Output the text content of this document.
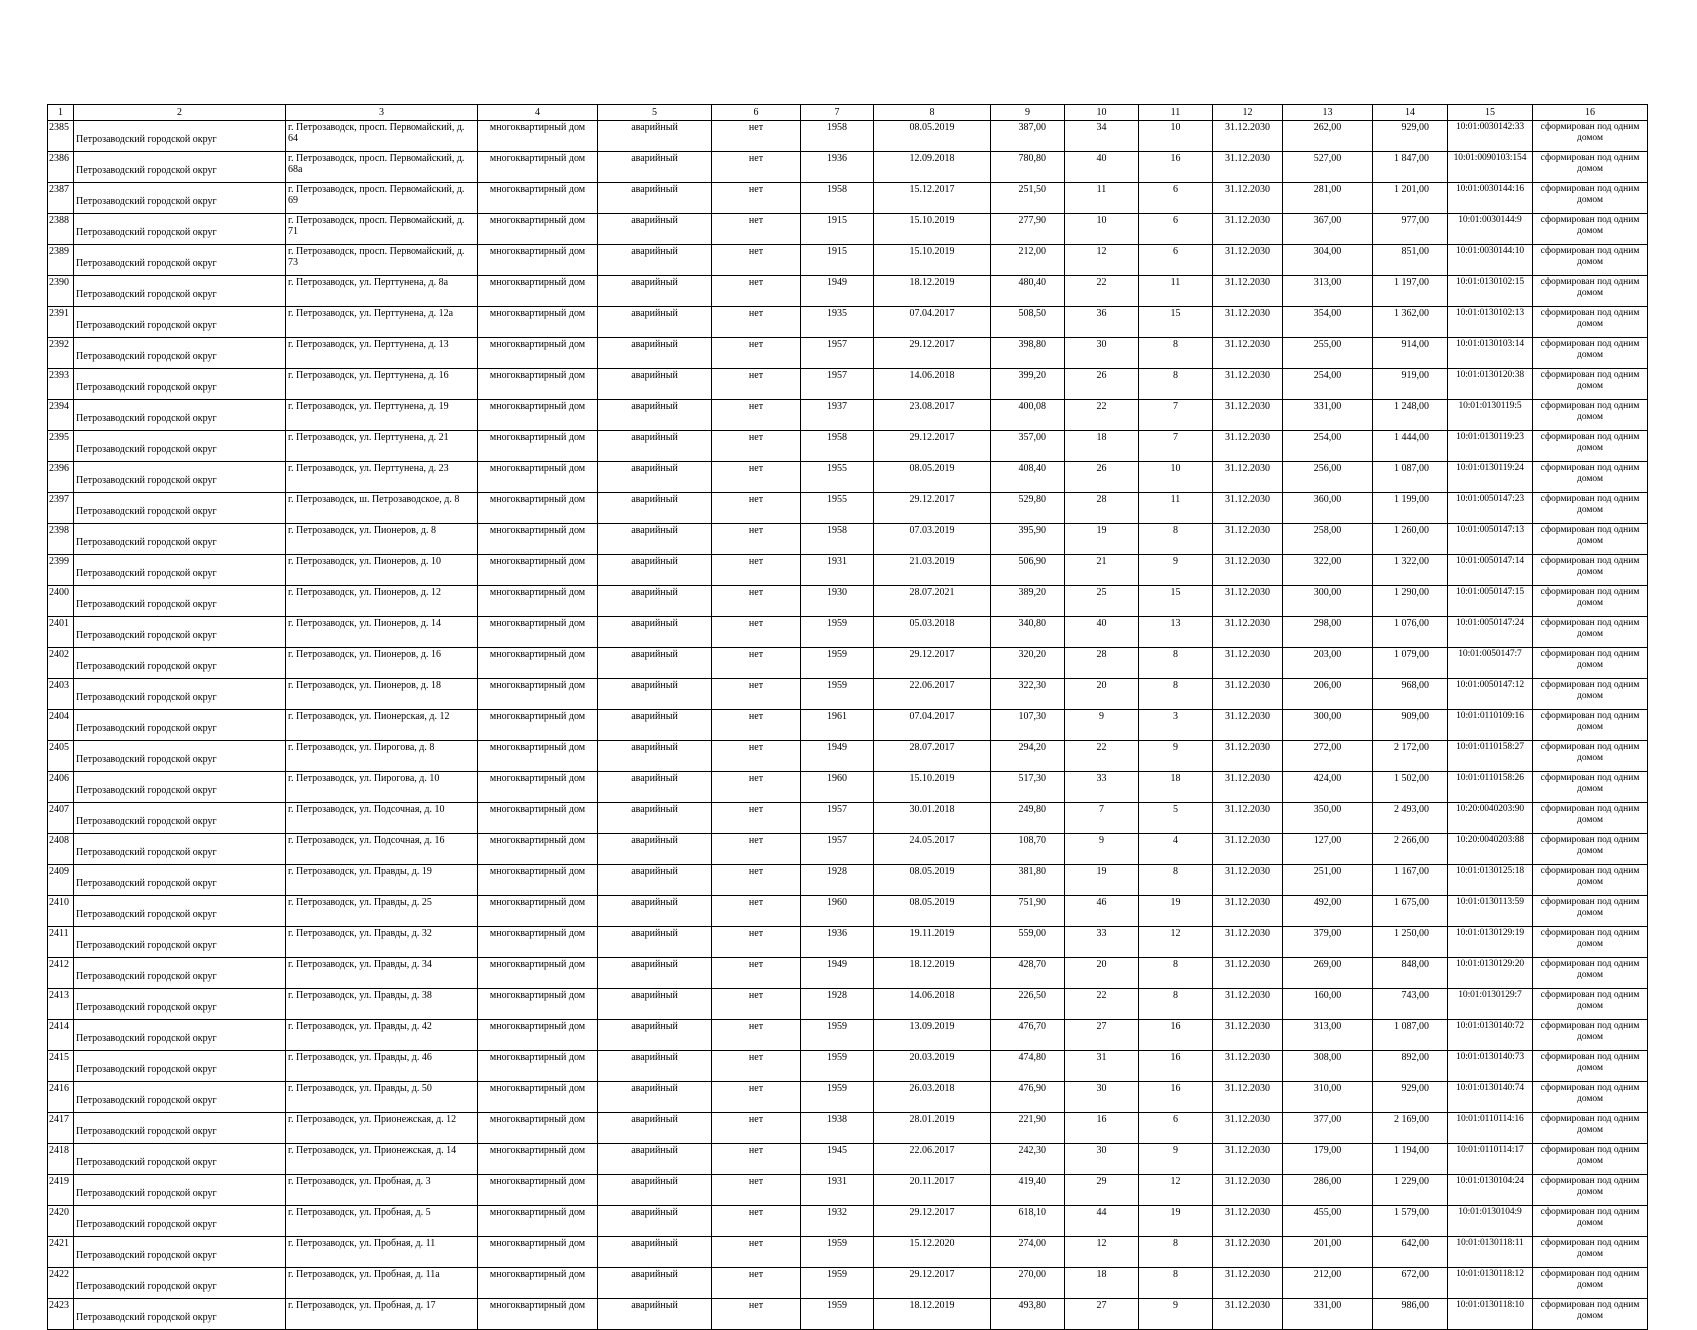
1	2	3	4	5	6	7	8	9	10	11	12	13	14	15	16
2385	Петрозаводский городской округ	г. Петрозаводск, просп. Первомайский, д. 64	многоквартирный дом	аварийный	нет	1958	08.05.2019	387,00	34	10	31.12.2030	262,00	929,00	10:01:0030142:33	сформирован под одним домом
2386	Петрозаводский городской округ	г. Петрозаводск, просп. Первомайский, д. 68а	многоквартирный дом	аварийный	нет	1936	12.09.2018	780,80	40	16	31.12.2030	527,00	1 847,00	10:01:0090103:154	сформирован под одним домом
2387	Петрозаводский городской округ	г. Петрозаводск, просп. Первомайский, д. 69	многоквартирный дом	аварийный	нет	1958	15.12.2017	251,50	11	6	31.12.2030	281,00	1 201,00	10:01:0030144:16	сформирован под одним домом
2388	Петрозаводский городской округ	г. Петрозаводск, просп. Первомайский, д. 71	многоквартирный дом	аварийный	нет	1915	15.10.2019	277,90	10	6	31.12.2030	367,00	977,00	10:01:0030144:9	сформирован под одним домом
2389	Петрозаводский городской округ	г. Петрозаводск, просп. Первомайский, д. 73	многоквартирный дом	аварийный	нет	1915	15.10.2019	212,00	12	6	31.12.2030	304,00	851,00	10:01:0030144:10	сформирован под одним домом
2390	Петрозаводский городской округ	г. Петрозаводск, ул. Перттунена, д. 8а	многоквартирный дом	аварийный	нет	1949	18.12.2019	480,40	22	11	31.12.2030	313,00	1 197,00	10:01:0130102:15	сформирован под одним домом
2391	Петрозаводский городской округ	г. Петрозаводск, ул. Перттунена, д. 12а	многоквартирный дом	аварийный	нет	1935	07.04.2017	508,50	36	15	31.12.2030	354,00	1 362,00	10:01:0130102:13	сформирован под одним домом
2392	Петрозаводский городской округ	г. Петрозаводск, ул. Перттунена, д. 13	многоквартирный дом	аварийный	нет	1957	29.12.2017	398,80	30	8	31.12.2030	255,00	914,00	10:01:0130103:14	сформирован под одним домом
2393	Петрозаводский городской округ	г. Петрозаводск, ул. Перттунена, д. 16	многоквартирный дом	аварийный	нет	1957	14.06.2018	399,20	26	8	31.12.2030	254,00	919,00	10:01:0130120:38	сформирован под одним домом
2394	Петрозаводский городской округ	г. Петрозаводск, ул. Перттунена, д. 19	многоквартирный дом	аварийный	нет	1937	23.08.2017	400,08	22	7	31.12.2030	331,00	1 248,00	10:01:0130119:5	сформирован под одним домом
2395	Петрозаводский городской округ	г. Петрозаводск, ул. Перттунена, д. 21	многоквартирный дом	аварийный	нет	1958	29.12.2017	357,00	18	7	31.12.2030	254,00	1 444,00	10:01:0130119:23	сформирован под одним домом
2396	Петрозаводский городской округ	г. Петрозаводск, ул. Перттунена, д. 23	многоквартирный дом	аварийный	нет	1955	08.05.2019	408,40	26	10	31.12.2030	256,00	1 087,00	10:01:0130119:24	сформирован под одним домом
2397	Петрозаводский городской округ	г. Петрозаводск, ш. Петрозаводское, д. 8	многоквартирный дом	аварийный	нет	1955	29.12.2017	529,80	28	11	31.12.2030	360,00	1 199,00	10:01:0050147:23	сформирован под одним домом
2398	Петрозаводский городской округ	г. Петрозаводск, ул. Пионеров, д. 8	многоквартирный дом	аварийный	нет	1958	07.03.2019	395,90	19	8	31.12.2030	258,00	1 260,00	10:01:0050147:13	сформирован под одним домом
2399	Петрозаводский городской округ	г. Петрозаводск, ул. Пионеров, д. 10	многоквартирный дом	аварийный	нет	1931	21.03.2019	506,90	21	9	31.12.2030	322,00	1 322,00	10:01:0050147:14	сформирован под одним домом
2400	Петрозаводский городской округ	г. Петрозаводск, ул. Пионеров, д. 12	многоквартирный дом	аварийный	нет	1930	28.07.2021	389,20	25	15	31.12.2030	300,00	1 290,00	10:01:0050147:15	сформирован под одним домом
2401	Петрозаводский городской округ	г. Петрозаводск, ул. Пионеров, д. 14	многоквартирный дом	аварийный	нет	1959	05.03.2018	340,80	40	13	31.12.2030	298,00	1 076,00	10:01:0050147:24	сформирован под одним домом
2402	Петрозаводский городской округ	г. Петрозаводск, ул. Пионеров, д. 16	многоквартирный дом	аварийный	нет	1959	29.12.2017	320,20	28	8	31.12.2030	203,00	1 079,00	10:01:0050147:7	сформирован под одним домом
2403	Петрозаводский городской округ	г. Петрозаводск, ул. Пионеров, д. 18	многоквартирный дом	аварийный	нет	1959	22.06.2017	322,30	20	8	31.12.2030	206,00	968,00	10:01:0050147:12	сформирован под одним домом
2404	Петрозаводский городской округ	г. Петрозаводск, ул. Пионерская, д. 12	многоквартирный дом	аварийный	нет	1961	07.04.2017	107,30	9	3	31.12.2030	300,00	909,00	10:01:0110109:16	сформирован под одним домом
2405	Петрозаводский городской округ	г. Петрозаводск, ул. Пирогова, д. 8	многоквартирный дом	аварийный	нет	1949	28.07.2017	294,20	22	9	31.12.2030	272,00	2 172,00	10:01:0110158:27	сформирован под одним домом
2406	Петрозаводский городской округ	г. Петрозаводск, ул. Пирогова, д. 10	многоквартирный дом	аварийный	нет	1960	15.10.2019	517,30	33	18	31.12.2030	424,00	1 502,00	10:01:0110158:26	сформирован под одним домом
2407	Петрозаводский городской округ	г. Петрозаводск, ул. Подсочная, д. 10	многоквартирный дом	аварийный	нет	1957	30.01.2018	249,80	7	5	31.12.2030	350,00	2 493,00	10:20:0040203:90	сформирован под одним домом
2408	Петрозаводский городской округ	г. Петрозаводск, ул. Подсочная, д. 16	многоквартирный дом	аварийный	нет	1957	24.05.2017	108,70	9	4	31.12.2030	127,00	2 266,00	10:20:0040203:88	сформирован под одним домом
2409	Петрозаводский городской округ	г. Петрозаводск, ул. Правды, д. 19	многоквартирный дом	аварийный	нет	1928	08.05.2019	381,80	19	8	31.12.2030	251,00	1 167,00	10:01:0130125:18	сформирован под одним домом
2410	Петрозаводский городской округ	г. Петрозаводск, ул. Правды, д. 25	многоквартирный дом	аварийный	нет	1960	08.05.2019	751,90	46	19	31.12.2030	492,00	1 675,00	10:01:0130113:59	сформирован под одним домом
2411	Петрозаводский городской округ	г. Петрозаводск, ул. Правды, д. 32	многоквартирный дом	аварийный	нет	1936	19.11.2019	559,00	33	12	31.12.2030	379,00	1 250,00	10:01:0130129:19	сформирован под одним домом
2412	Петрозаводский городской округ	г. Петрозаводск, ул. Правды, д. 34	многоквартирный дом	аварийный	нет	1949	18.12.2019	428,70	20	8	31.12.2030	269,00	848,00	10:01:0130129:20	сформирован под одним домом
2413	Петрозаводский городской округ	г. Петрозаводск, ул. Правды, д. 38	многоквартирный дом	аварийный	нет	1928	14.06.2018	226,50	22	8	31.12.2030	160,00	743,00	10:01:0130129:7	сформирован под одним домом
2414	Петрозаводский городской округ	г. Петрозаводск, ул. Правды, д. 42	многоквартирный дом	аварийный	нет	1959	13.09.2019	476,70	27	16	31.12.2030	313,00	1 087,00	10:01:0130140:72	сформирован под одним домом
2415	Петрозаводский городской округ	г. Петрозаводск, ул. Правды, д. 46	многоквартирный дом	аварийный	нет	1959	20.03.2019	474,80	31	16	31.12.2030	308,00	892,00	10:01:0130140:73	сформирован под одним домом
2416	Петрозаводский городской округ	г. Петрозаводск, ул. Правды, д. 50	многоквартирный дом	аварийный	нет	1959	26.03.2018	476,90	30	16	31.12.2030	310,00	929,00	10:01:0130140:74	сформирован под одним домом
2417	Петрозаводский городской округ	г. Петрозаводск, ул. Прионежская, д. 12	многоквартирный дом	аварийный	нет	1938	28.01.2019	221,90	16	6	31.12.2030	377,00	2 169,00	10:01:0110114:16	сформирован под одним домом
2418	Петрозаводский городской округ	г. Петрозаводск, ул. Прионежская, д. 14	многоквартирный дом	аварийный	нет	1945	22.06.2017	242,30	30	9	31.12.2030	179,00	1 194,00	10:01:0110114:17	сформирован под одним домом
2419	Петрозаводский городской округ	г. Петрозаводск, ул. Пробная, д. 3	многоквартирный дом	аварийный	нет	1931	20.11.2017	419,40	29	12	31.12.2030	286,00	1 229,00	10:01:0130104:24	сформирован под одним домом
2420	Петрозаводский городской округ	г. Петрозаводск, ул. Пробная, д. 5	многоквартирный дом	аварийный	нет	1932	29.12.2017	618,10	44	19	31.12.2030	455,00	1 579,00	10:01:0130104:9	сформирован под одним домом
2421	Петрозаводский городской округ	г. Петрозаводск, ул. Пробная, д. 11	многоквартирный дом	аварийный	нет	1959	15.12.2020	274,00	12	8	31.12.2030	201,00	642,00	10:01:0130118:11	сформирован под одним домом
2422	Петрозаводский городской округ	г. Петрозаводск, ул. Пробная, д. 11а	многоквартирный дом	аварийный	нет	1959	29.12.2017	270,00	18	8	31.12.2030	212,00	672,00	10:01:0130118:12	сформирован под одним домом
2423	Петрозаводский городской округ	г. Петрозаводск, ул. Пробная, д. 17	многоквартирный дом	аварийный	нет	1959	18.12.2019	493,80	27	9	31.12.2030	331,00	986,00	10:01:0130118:10	сформирован под одним домом
